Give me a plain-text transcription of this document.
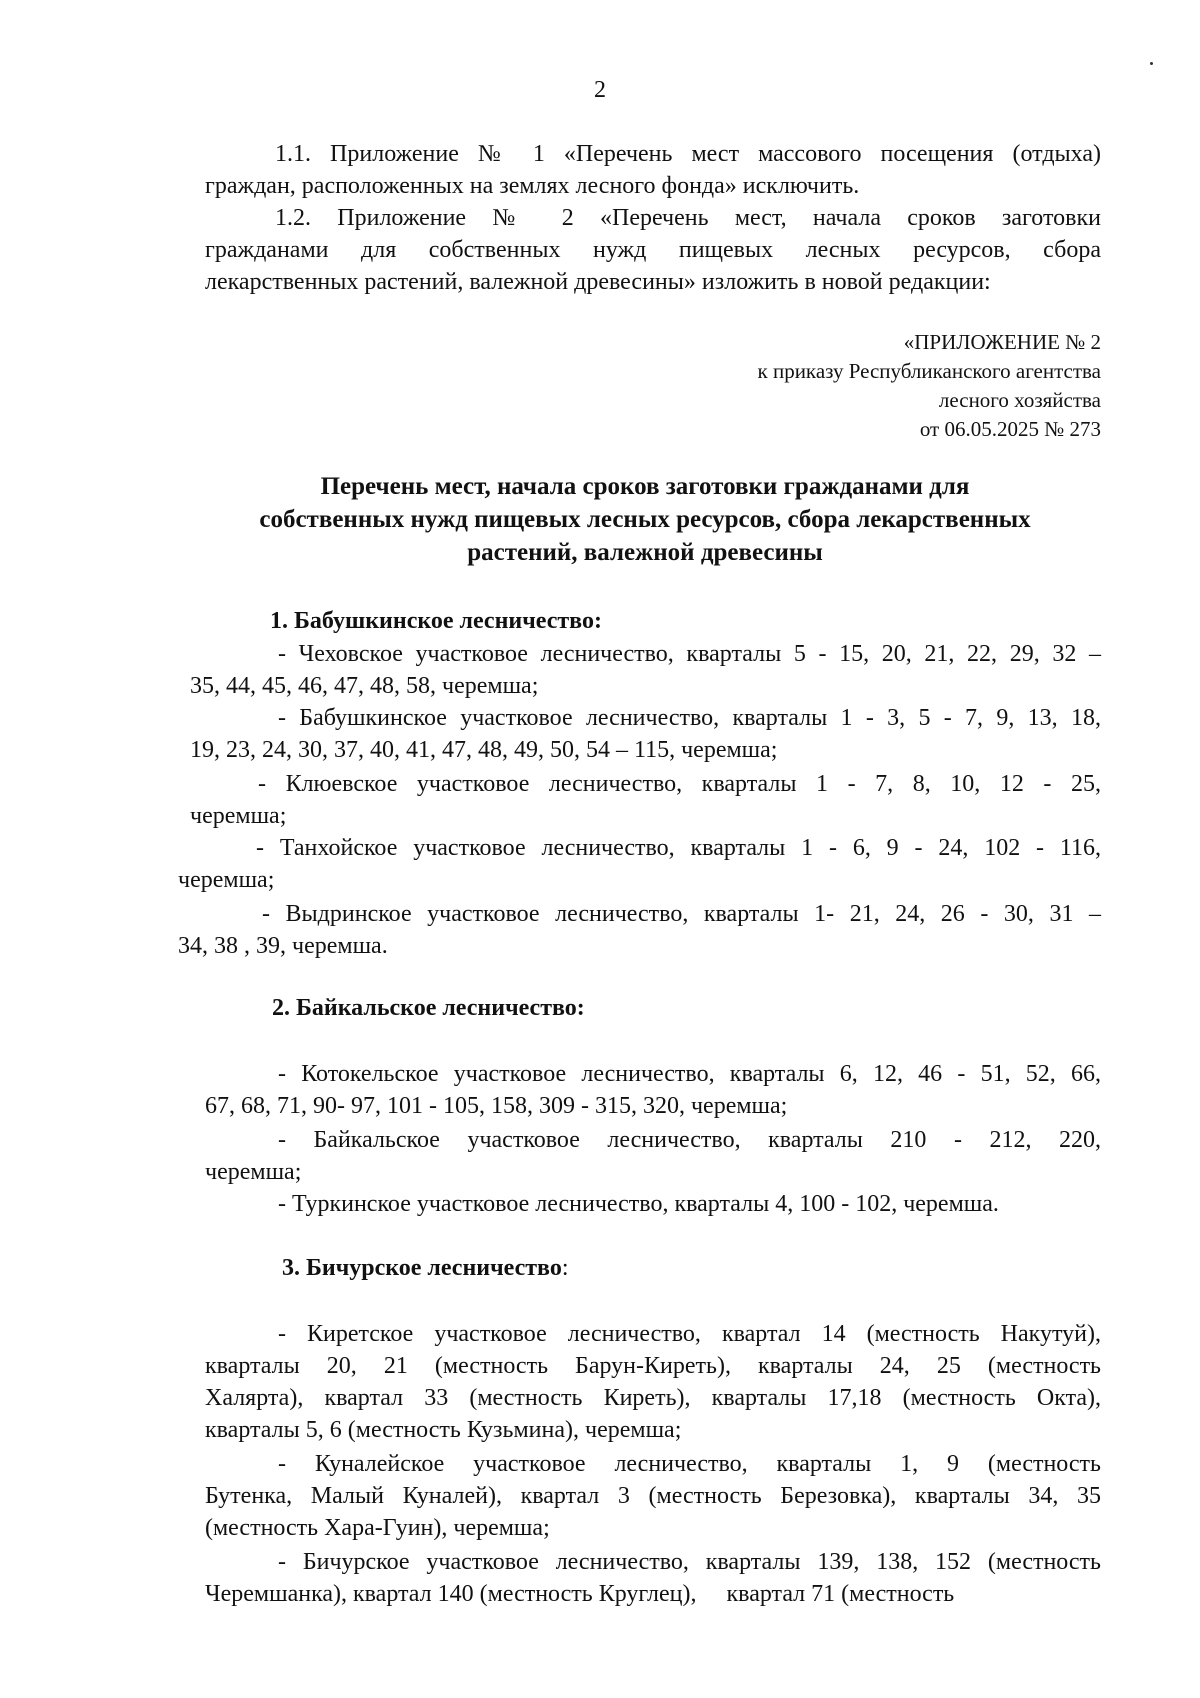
2
1.1. Приложение № 1 «Перечень мест массового посещения (отдыха)
граждан, расположенных на землях лесного фонда» исключить.
1.2. Приложение № 2 «Перечень мест, начала сроков заготовки
гражданами для собственных нужд пищевых лесных ресурсов, сбора
лекарственных растений, валежной древесины» изложить в новой редакции:
«ПРИЛОЖЕНИЕ № 2
к приказу Республиканского агентства
лесного хозяйства
от 06.05.2025 № 273
Перечень мест, начала сроков заготовки гражданами для
собственных нужд пищевых лесных ресурсов, сбора лекарственных
растений, валежной древесины
1. Бабушкинское лесничество:
- Чеховское участковое лесничество, кварталы 5 - 15, 20, 21, 22, 29, 32 –
35, 44, 45, 46, 47, 48, 58, черемша;
- Бабушкинское участковое лесничество, кварталы 1 - 3, 5 - 7, 9, 13, 18,
19, 23, 24, 30, 37, 40, 41, 47, 48, 49, 50, 54 – 115, черемша;
- Клюевское участковое лесничество, кварталы 1 - 7, 8, 10, 12 - 25,
черемша;
- Танхойское участковое лесничество, кварталы 1 - 6, 9 - 24, 102 - 116,
черемша;
- Выдринское участковое лесничество, кварталы 1- 21, 24, 26 - 30, 31 –
34, 38 , 39, черемша.
2. Байкальское лесничество:
- Котокельское участковое лесничество, кварталы 6, 12, 46 - 51, 52, 66,
67, 68, 71, 90- 97, 101 - 105, 158, 309 - 315, 320, черемша;
- Байкальское участковое лесничество, кварталы 210 - 212, 220,
черемша;
- Туркинское участковое лесничество, кварталы 4, 100 - 102, черемша.
3. Бичурское лесничество:
- Киретское участковое лесничество, квартал 14 (местность Накутуй),
кварталы 20, 21 (местность Барун-Киреть), кварталы 24, 25 (местность
Халярта), квартал 33 (местность Киреть), кварталы 17,18 (местность Окта),
кварталы 5, 6 (местность Кузьмина), черемша;
- Куналейское участковое лесничество, кварталы 1, 9 (местность
Бутенка, Малый Куналей), квартал 3 (местность Березовка), кварталы 34, 35
(местность Хара-Гуин), черемша;
- Бичурское участковое лесничество, кварталы 139, 138, 152 (местность
Черемшанка), квартал 140 (местность Круглец),     квартал 71 (местность
